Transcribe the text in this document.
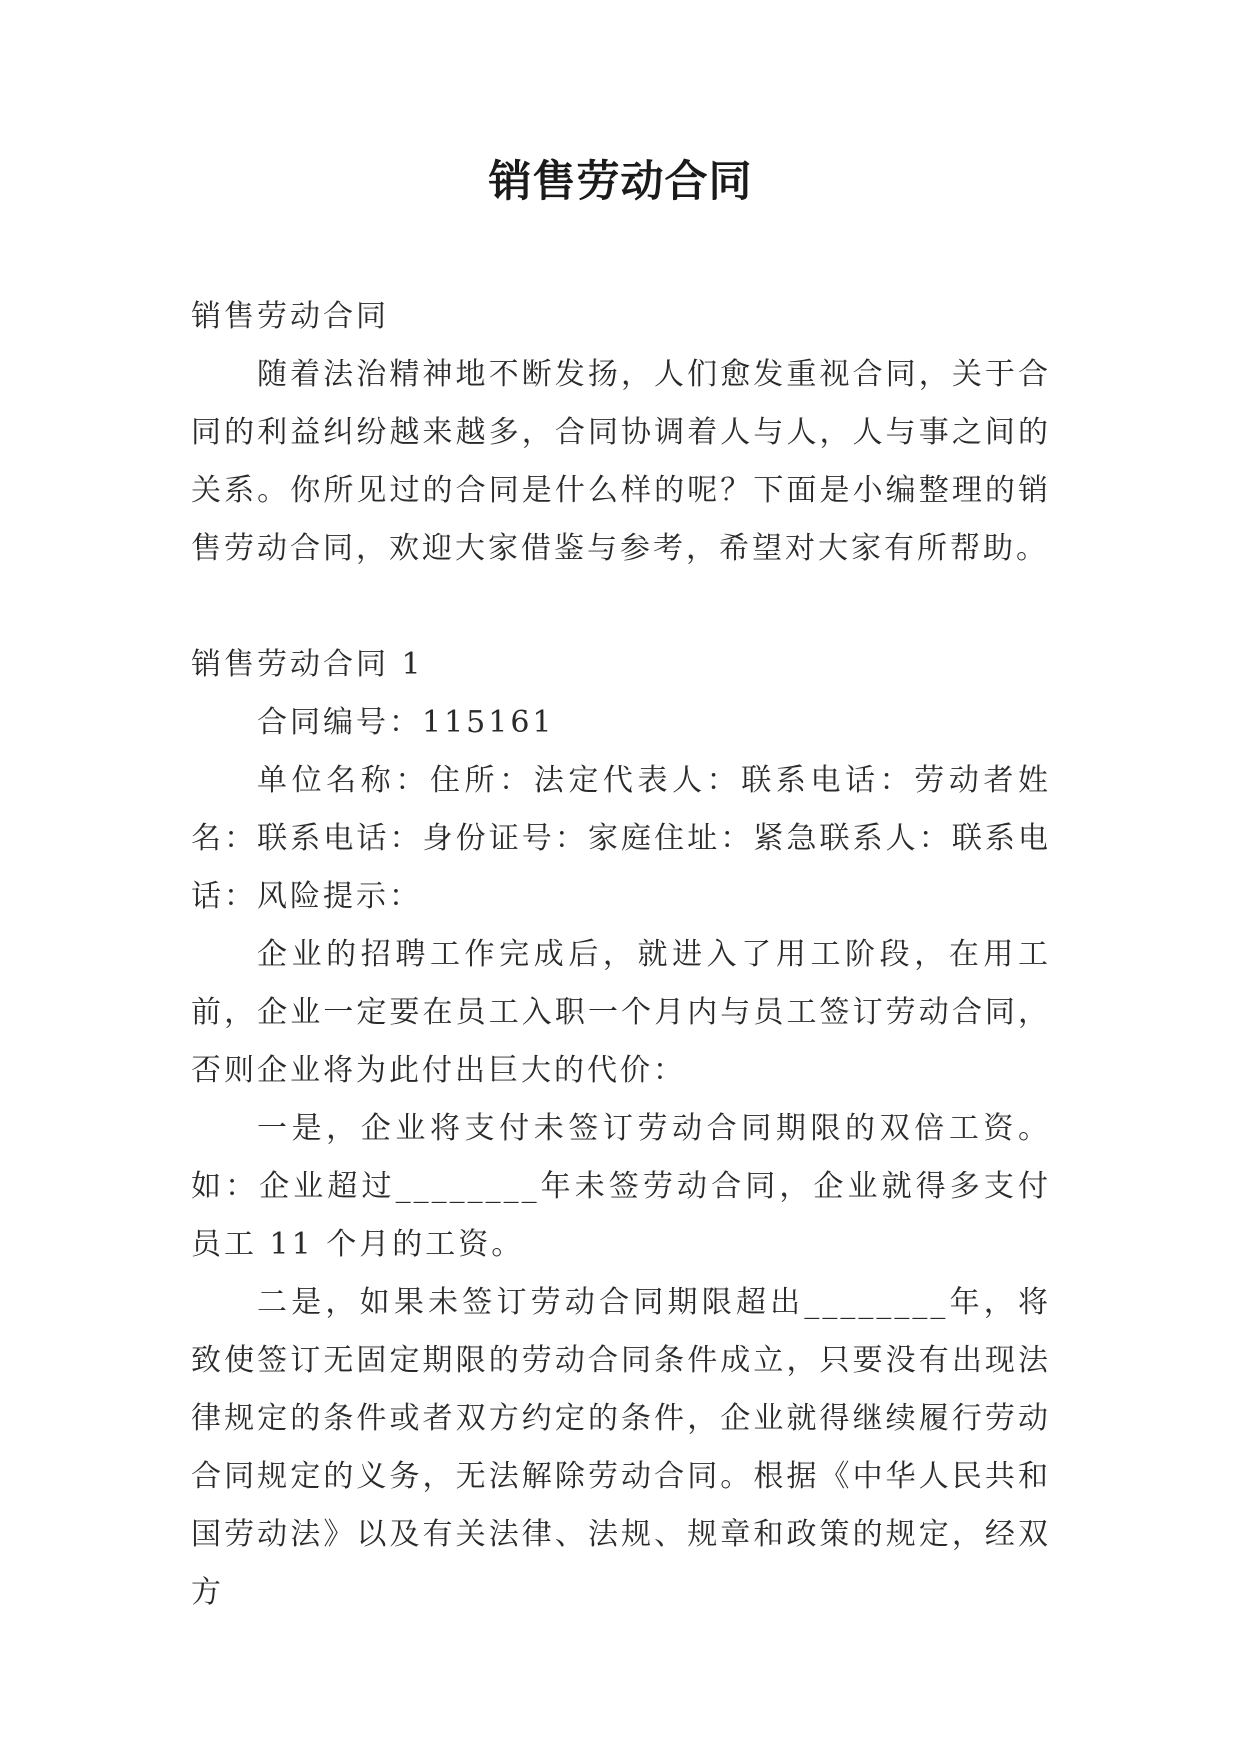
销售劳动合同

销售劳动合同

随着法治精神地不断发扬，人们愈发重视合同，关于合同的利益纠纷越来越多，合同协调着人与人，人与事之间的关系。你所见过的合同是什么样的呢？下面是小编整理的销售劳动合同，欢迎大家借鉴与参考，希望对大家有所帮助。

销售劳动合同 1

合同编号：115161

单位名称：住所：法定代表人：联系电话：劳动者姓名：联系电话：身份证号：家庭住址：紧急联系人：联系电话：风险提示：

企业的招聘工作完成后，就进入了用工阶段，在用工前，企业一定要在员工入职一个月内与员工签订劳动合同，否则企业将为此付出巨大的代价：

一是，企业将支付未签订劳动合同期限的双倍工资。如：企业超过________年未签劳动合同，企业就得多支付员工 11 个月的工资。

二是，如果未签订劳动合同期限超出________年，将致使签订无固定期限的劳动合同条件成立，只要没有出现法律规定的条件或者双方约定的条件，企业就得继续履行劳动合同规定的义务，无法解除劳动合同。根据《中华人民共和国劳动法》以及有关法律、法规、规章和政策的规定，经双方
